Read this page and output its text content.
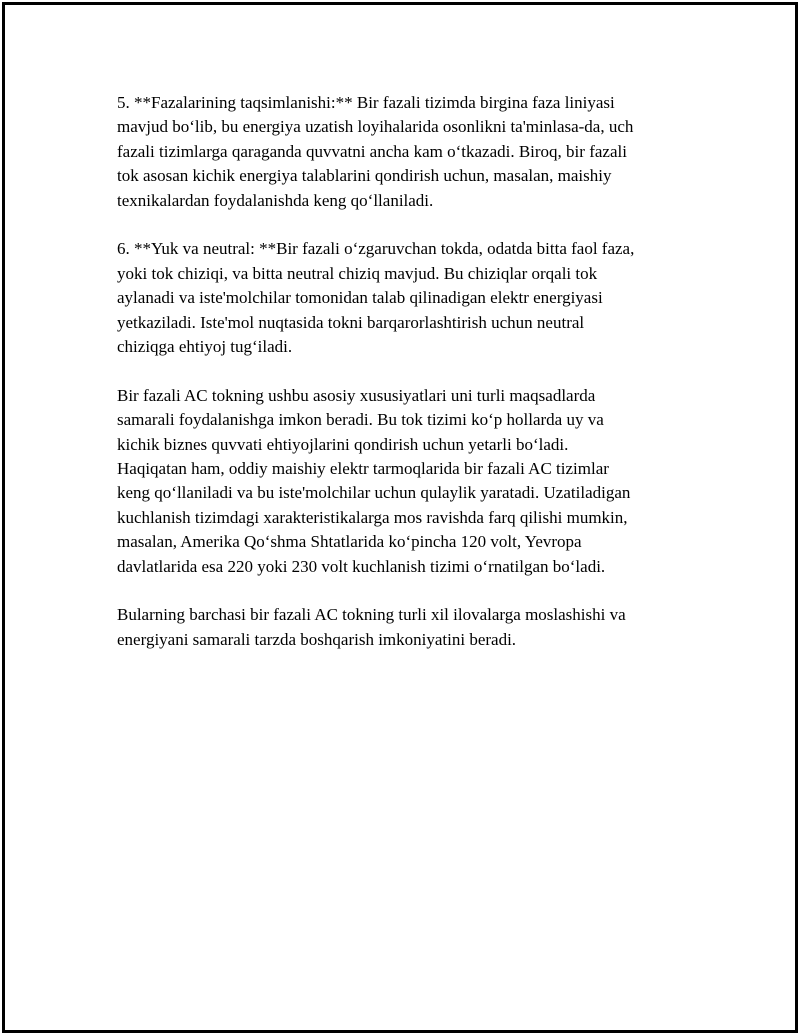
5. **Fazalarining taqsimlanishi:** Bir fazali tizimda birgina faza liniyasi
mavjud bo‘lib, bu energiya uzatish loyihalarida osonlikni ta'minlasa-da, uch
fazali tizimlarga qaraganda quvvatni ancha kam o‘tkazadi. Biroq, bir fazali
tok asosan kichik energiya talablarini qondirish uchun, masalan, maishiy
texnikalardan foydalanishda keng qo‘llaniladi.

6. **Yuk va neutral: **Bir fazali o‘zgaruvchan tokda, odatda bitta faol faza,
yoki tok chiziqi, va bitta neutral chiziq mavjud. Bu chiziqlar orqali tok
aylanadi va iste'molchilar tomonidan talab qilinadigan elektr energiyasi
yetkaziladi. Iste'mol nuqtasida tokni barqarorlashtirish uchun neutral
chiziqga ehtiyoj tug‘iladi.

Bir fazali AC tokning ushbu asosiy xususiyatlari uni turli maqsadlarda
samarali foydalanishga imkon beradi. Bu tok tizimi ko‘p hollarda uy va
kichik biznes quvvati ehtiyojlarini qondirish uchun yetarli bo‘ladi.
Haqiqatan ham, oddiy maishiy elektr tarmoqlarida bir fazali AC tizimlar
keng qo‘llaniladi va bu iste'molchilar uchun qulaylik yaratadi. Uzatiladigan
kuchlanish tizimdagi xarakteristikalarga mos ravishda farq qilishi mumkin,
masalan, Amerika Qo‘shma Shtatlarida ko‘pincha 120 volt, Yevropa
davlatlarida esa 220 yoki 230 volt kuchlanish tizimi o‘rnatilgan bo‘ladi.

Bularning barchasi bir fazali AC tokning turli xil ilovalarga moslashishi va
energiyani samarali tarzda boshqarish imkoniyatini beradi.
